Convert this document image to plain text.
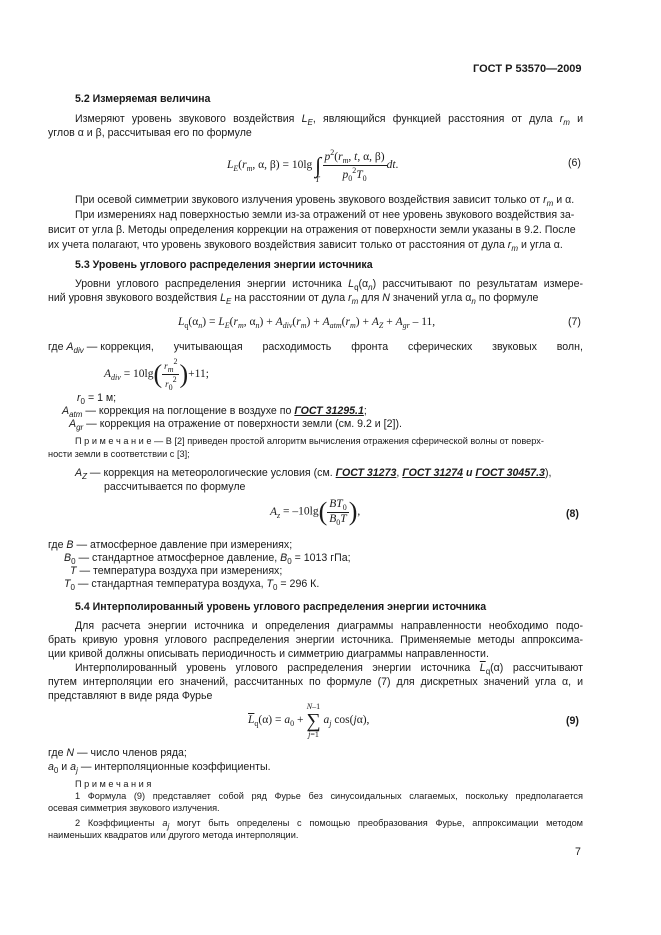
ГОСТ Р 53570—2009
5.2 Измеряемая величина
Измеряют уровень звукового воздействия $L_E$, являющийся функцией расстояния от дула $r_m$ и
углов α и β, рассчитывая его по формуле
$L_E(r_m$, α, β) = 10lg $\int_T \frac{p^2(r_m, t, \alpha, \beta)}{p_0^2T_0}$ dt.	(6)
При осевой симметрии звукового излучения уровень звукового воздействия зависит только от $r_m$ и α.
При измерениях над поверхностью земли из-за отражений от нее уровень звукового воздействия за-
висит от угла β. Методы определения коррекции на отражения от поверхности земли указаны в 9.2. После
их учета полагают, что уровень звукового воздействия зависит только от расстояния от дула $r_m$ и угла α.
5.3 Уровень углового распределения энергии источника
Уровни углового распределения энергии источника $L_q(\alpha_n)$ рассчитывают по результатам измере-
ний уровня звукового воздействия $L_E$ на расстоянии от дула $r_m$ для N значений угла $\alpha_n$ по формуле
$L_q(\alpha_n) = L_E(r_m$, $\alpha_n) + A_{div}(r_m) + A_{atm}(r_m) + A_Z + A_{gr} - 11$,	(7)
где $A_{div}$ — коррекция, учитывающая расходимость фронта сферических звуковых волн,
$A_{div} = 10\lg( \frac{rm2}{r02} )+11$;
$r_0 = 1$ м;
$A_{atm}$ — коррекция на поглощение в воздухе по ГОСТ 31295.1;
$A_{gr}$ — коррекция на отражение от поверхности земли (см. 9.2 и [2]).
П р и м е ч а н и е — В [2] приведен простой алгоритм вычисления отражения сферической волны от поверх-
ности земли в соответствии с [3];
$A_Z$ — коррекция на метеорологические условия (см. ГОСТ 31273, ГОСТ 31274 и ГОСТ 30457.3),
рассчитывается по формуле
$A_z = -10\lg( \frac{BT_0}{B_0T}$ ),	(8)
где B — атмосферное давление при измерениях;
$B_0$ — стандартное атмосферное давление, $B_0 = 1013$ гПа;
T — температура воздуха при измерениях;
$T_0$ — стандартная температура воздуха, $T_0 = 296$ К.
5.4 Интерполированный уровень углового распределения энергии источника
Для расчета энергии источника и определения диаграммы направленности необходимо подо-
брать кривую уровня углового распределения энергии источника. Применяемые методы аппроксима-
ции кривой должны описывать периодичность и симметрию диаграммы направленности.
Интерполированный уровень углового распределения энергии источника $\overline{L}_q(\alpha)$ рассчитывают
путем интерполяции его значений, рассчитанных по формуле (7) для дискретных значений угла α, и
представляют в виде ряда Фурье
$\overline{L}_q(\alpha) = a_0$ +
N–1
∑
j=1
$a_j$ cos(jα),	(9)
где N — число членов ряда;
$a_0$ и $a_j$ — интерполяционные коэффициенты.
П р и м е ч а н и я
1 Формула (9) представляет собой ряд Фурье без синусоидальных слагаемых, поскольку предполагается
осевая симметрия звукового излучения.
2 Коэффициенты aj могут быть определены с помощью преобразования Фурье, аппроксимации методом
наименьших квадратов или другого метода интерполяции.
7
